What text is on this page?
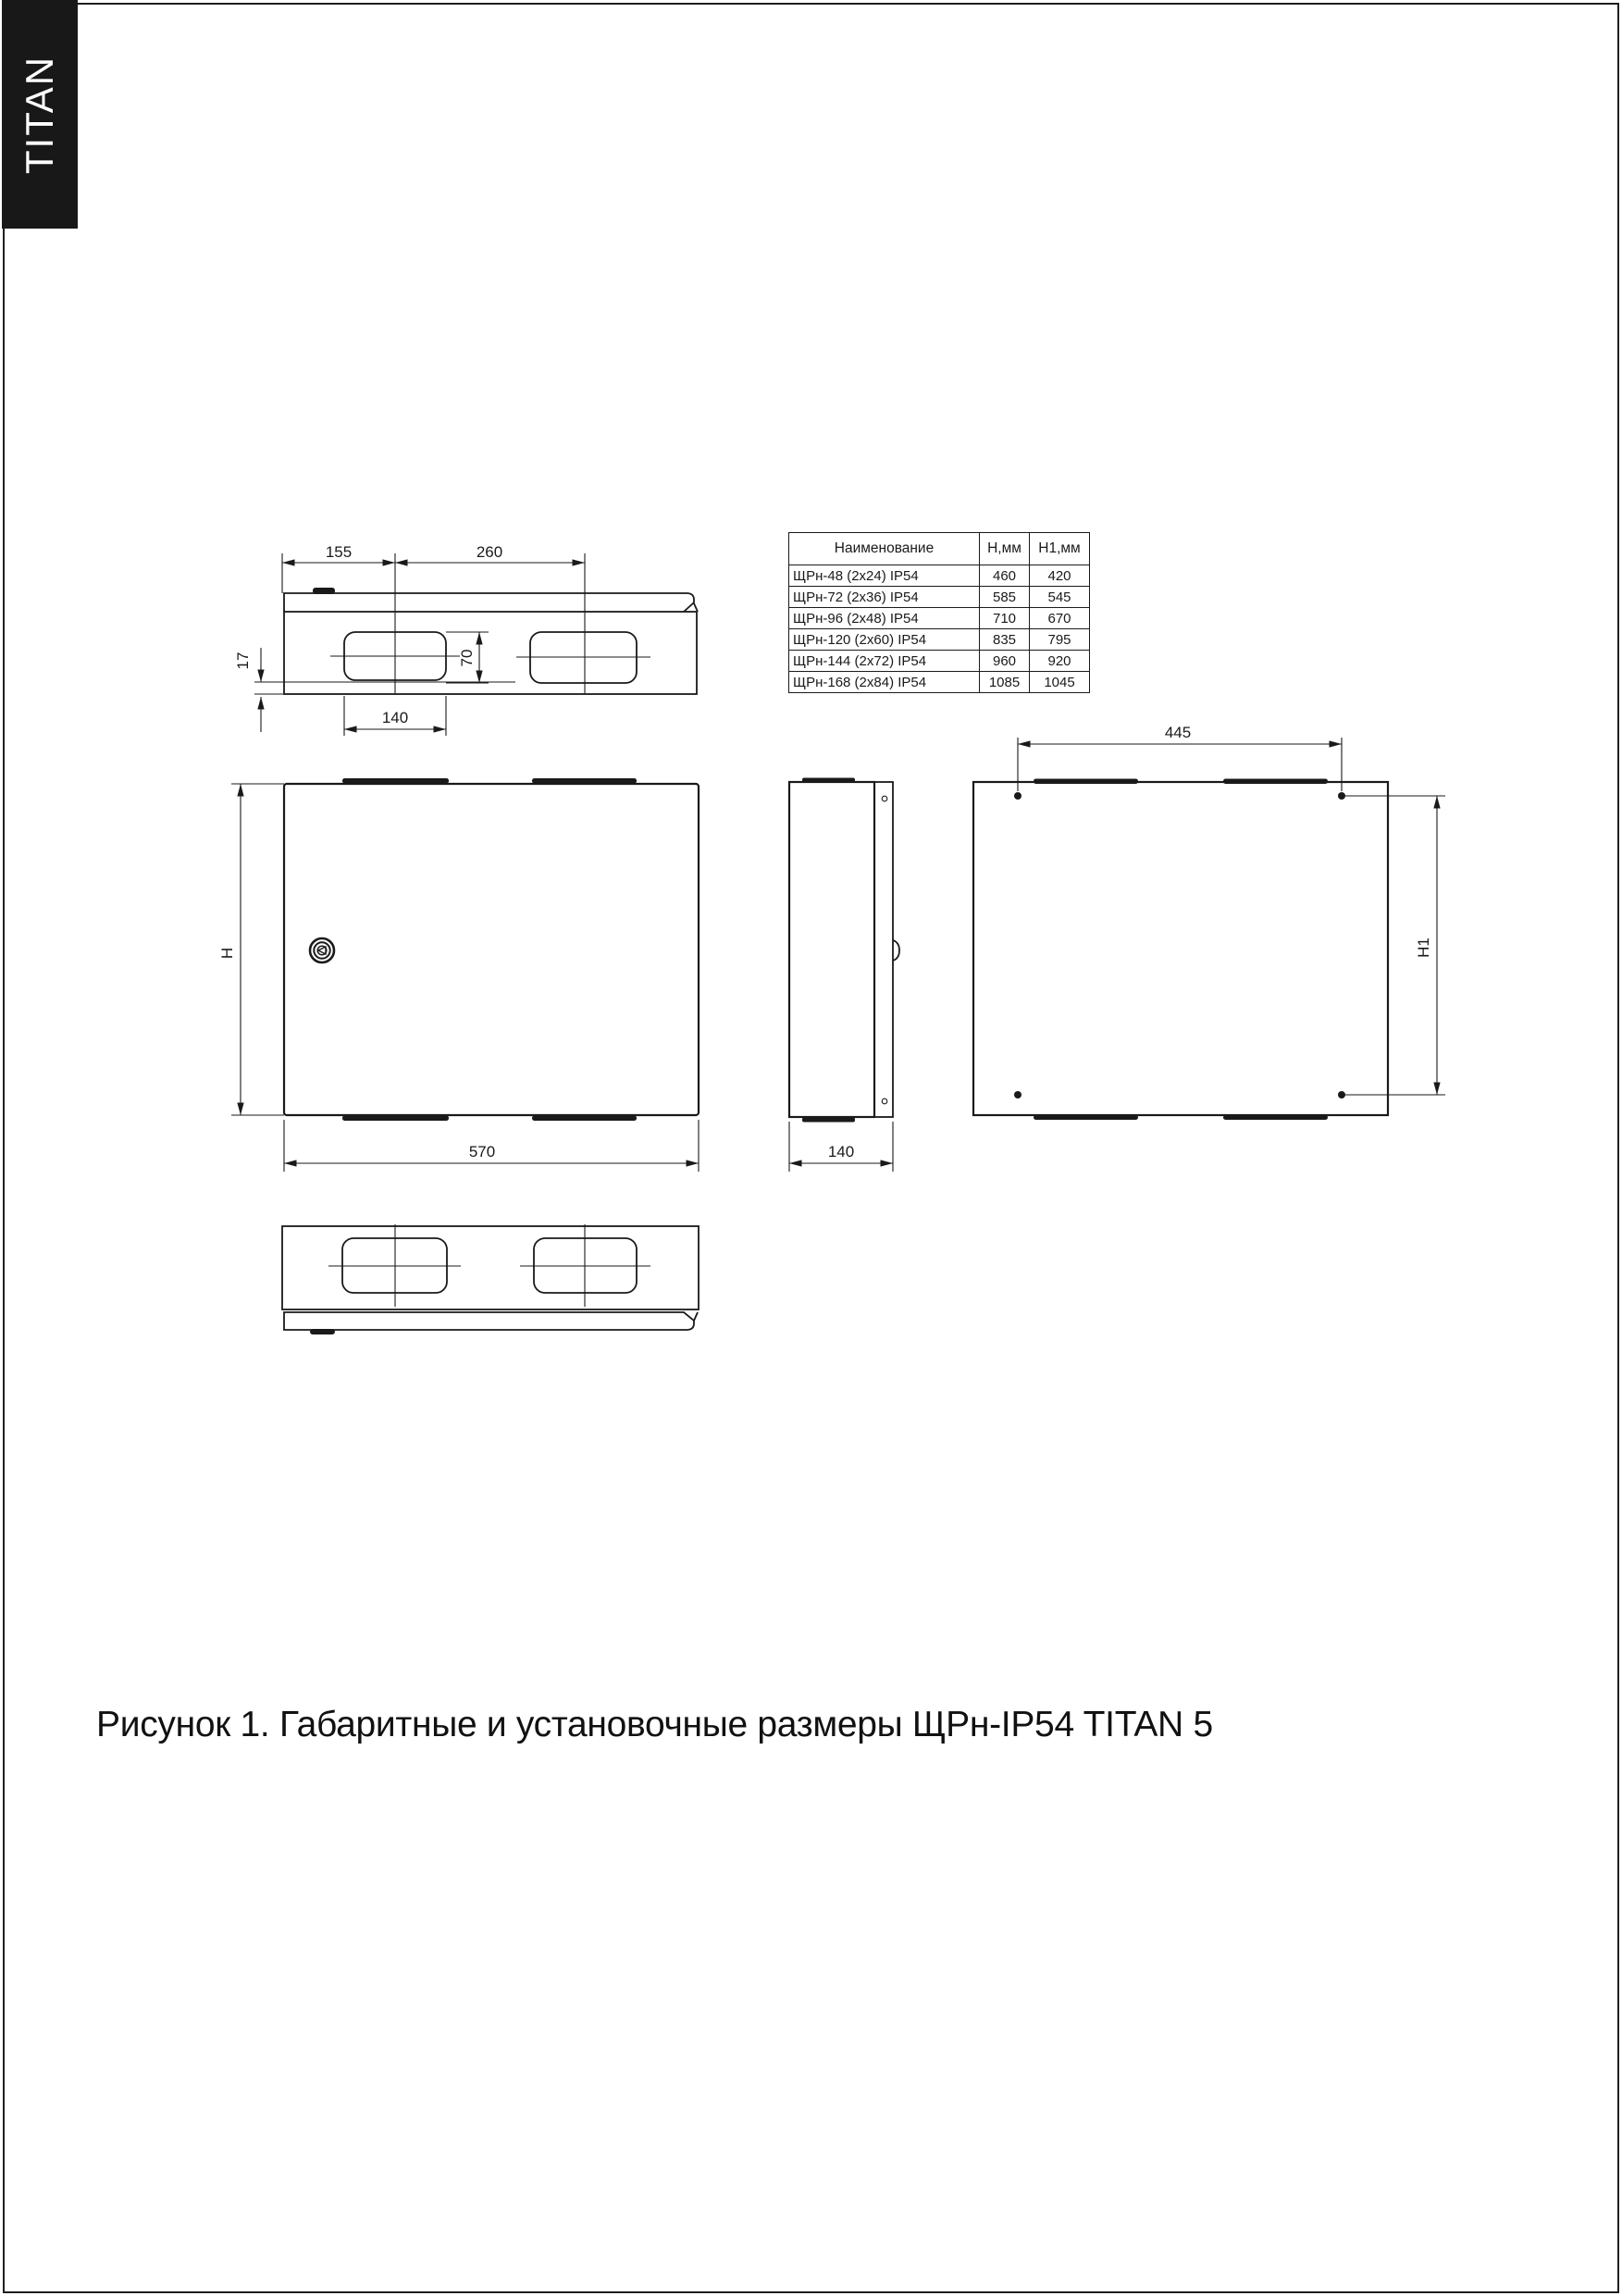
TITAN
155	260
17	70
140
H
570	140
445
H1
Наименование	Н,мм	Н1,мм
ЩРн-48 (2x24) IP54	460	420
ЩРн-72 (2x36) IP54	585	545
ЩРн-96 (2x48) IP54	710	670
ЩРн-120 (2x60) IP54	835	795
ЩРн-144 (2x72) IP54	960	920
ЩРн-168 (2x84) IP54	1085	1045
Рисунок 1. Габаритные и установочные размеры ЩРн-IP54 TITAN 5
